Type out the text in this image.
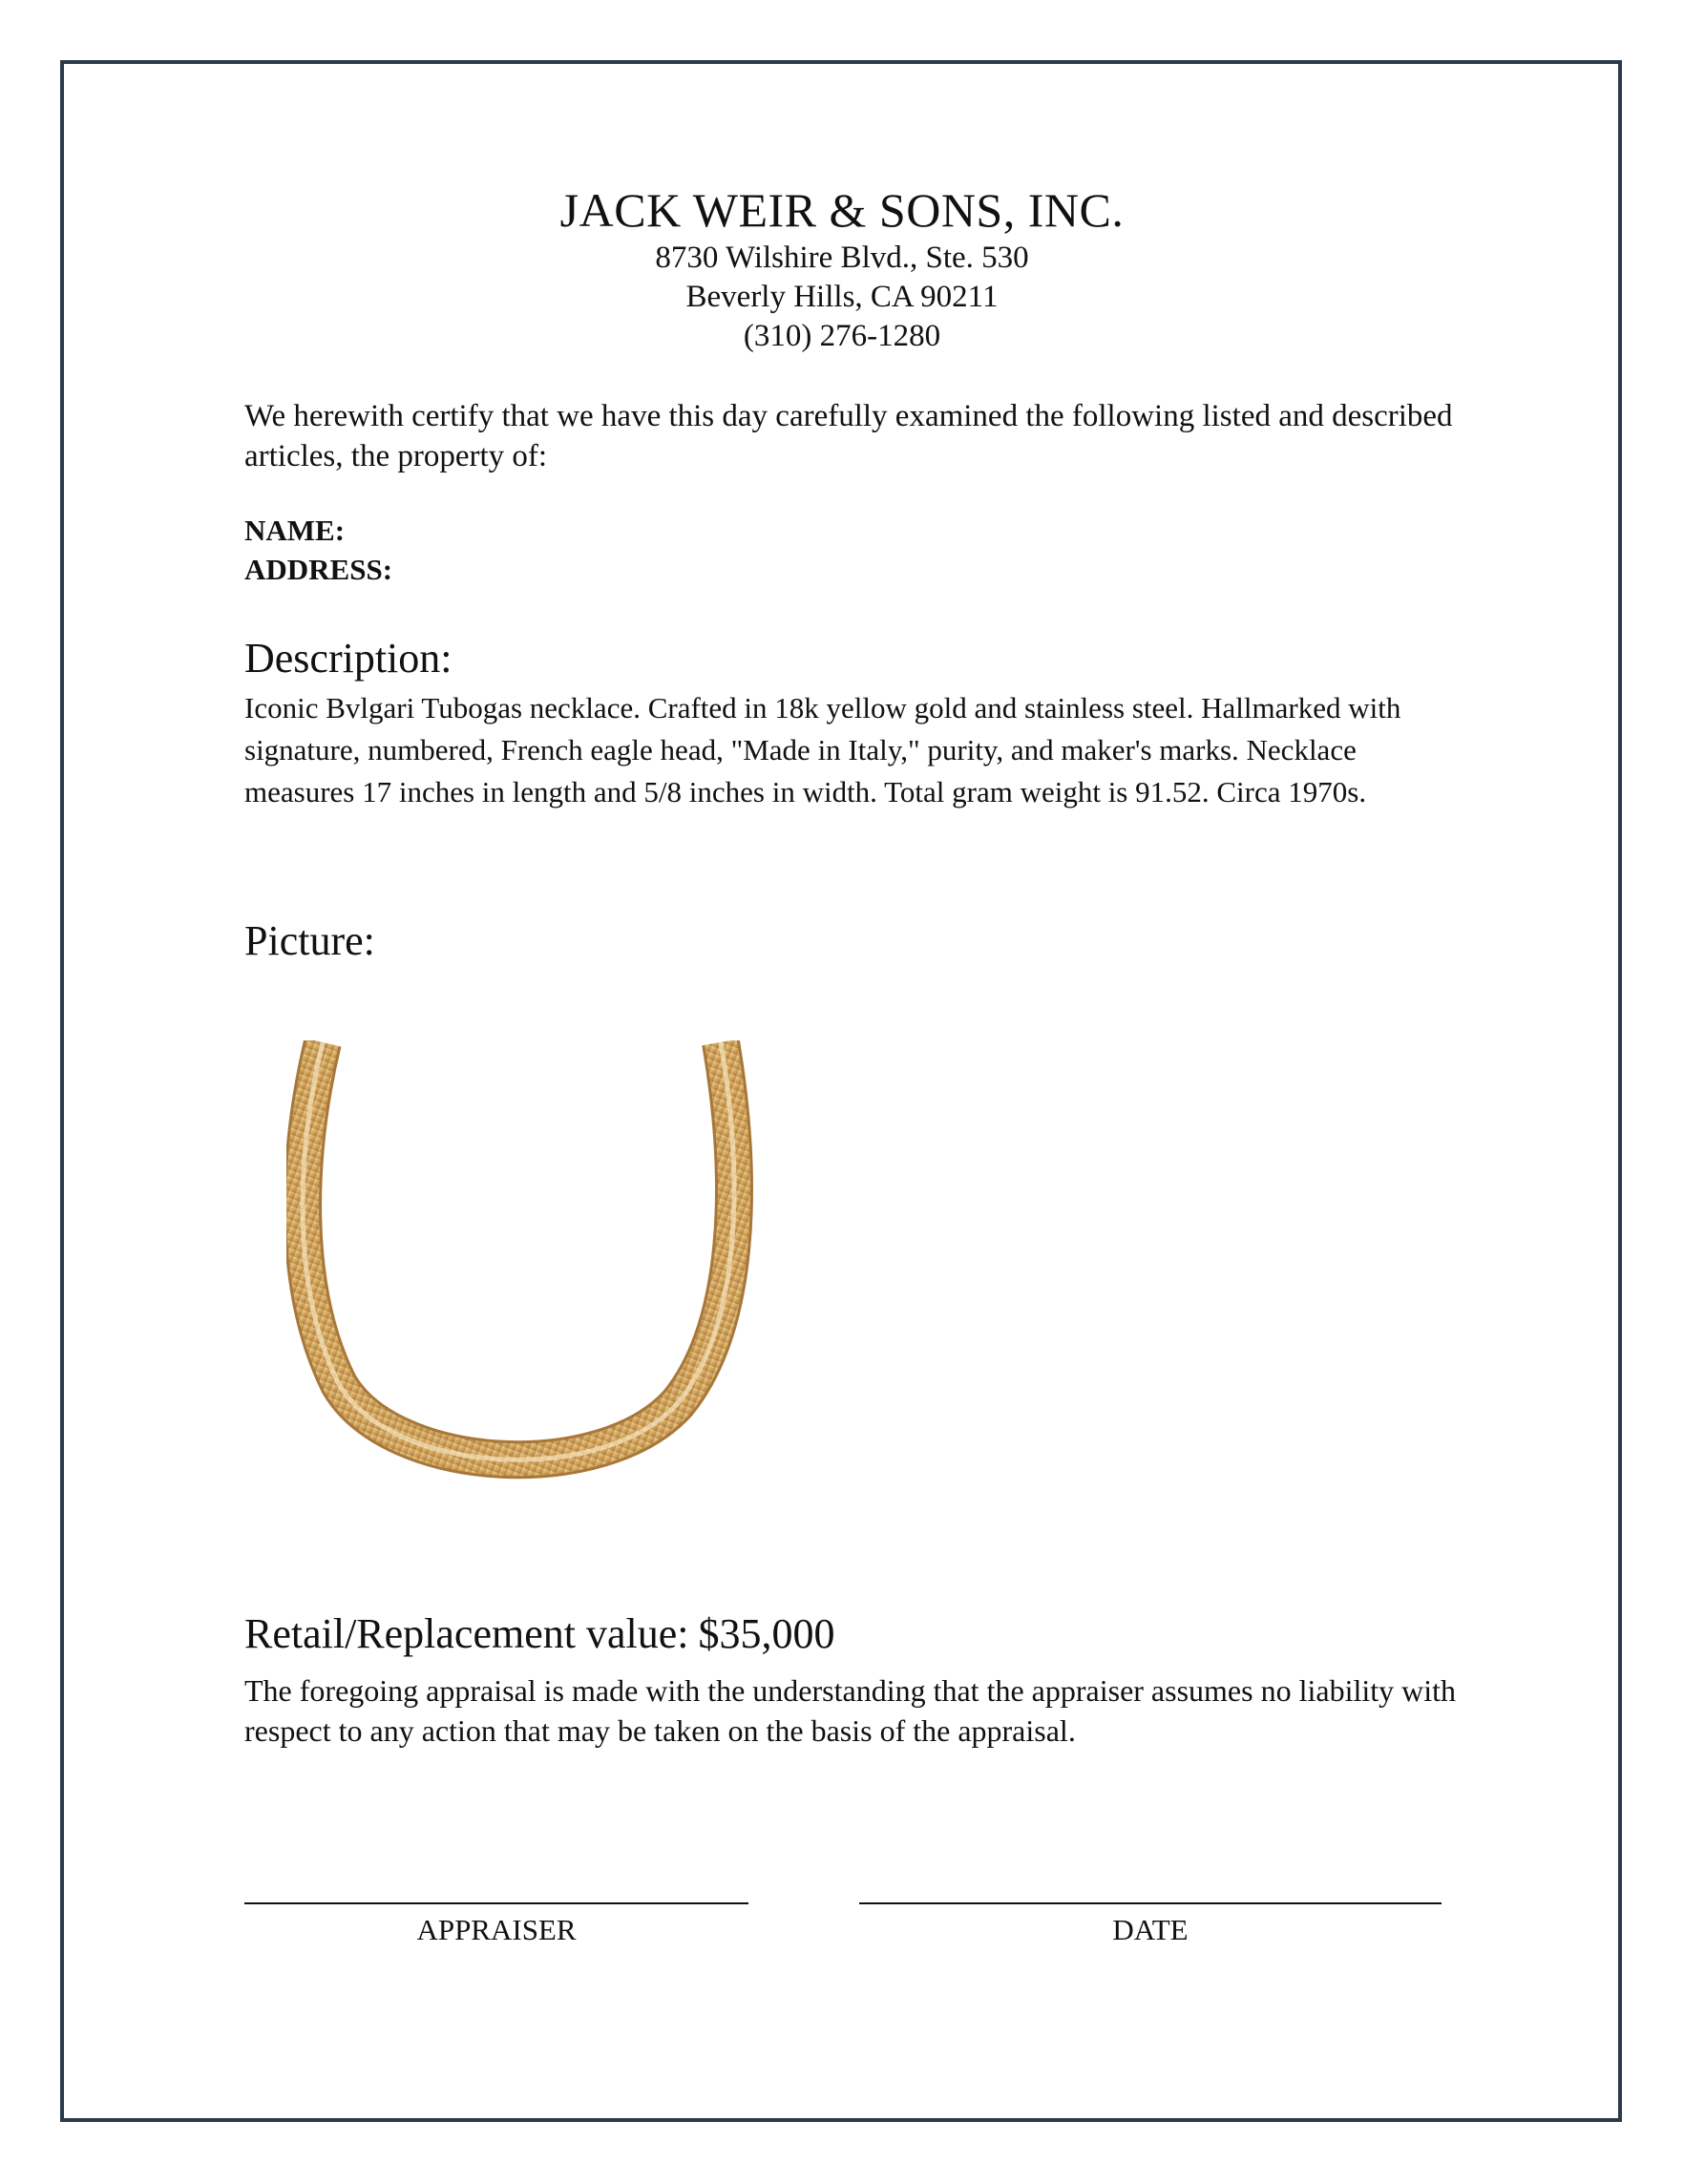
JACK WEIR & SONS, INC.
8730 Wilshire Blvd., Ste. 530
Beverly Hills, CA 90211
(310) 276-1280
We herewith certify that we have this day carefully examined the following listed and described articles, the property of:
NAME:
ADDRESS:
Description:
Iconic Bvlgari Tubogas necklace. Crafted in 18k yellow gold and stainless steel. Hallmarked with signature, numbered, French eagle head, "Made in Italy," purity, and maker's marks. Necklace measures 17 inches in length and 5/8 inches in width. Total gram weight is 91.52. Circa 1970s.
Picture:
Retail/Replacement value: $35,000
The foregoing appraisal is made with the understanding that the appraiser assumes no liability with respect to any action that may be taken on the basis of the appraisal.
APPRAISER	DATE
